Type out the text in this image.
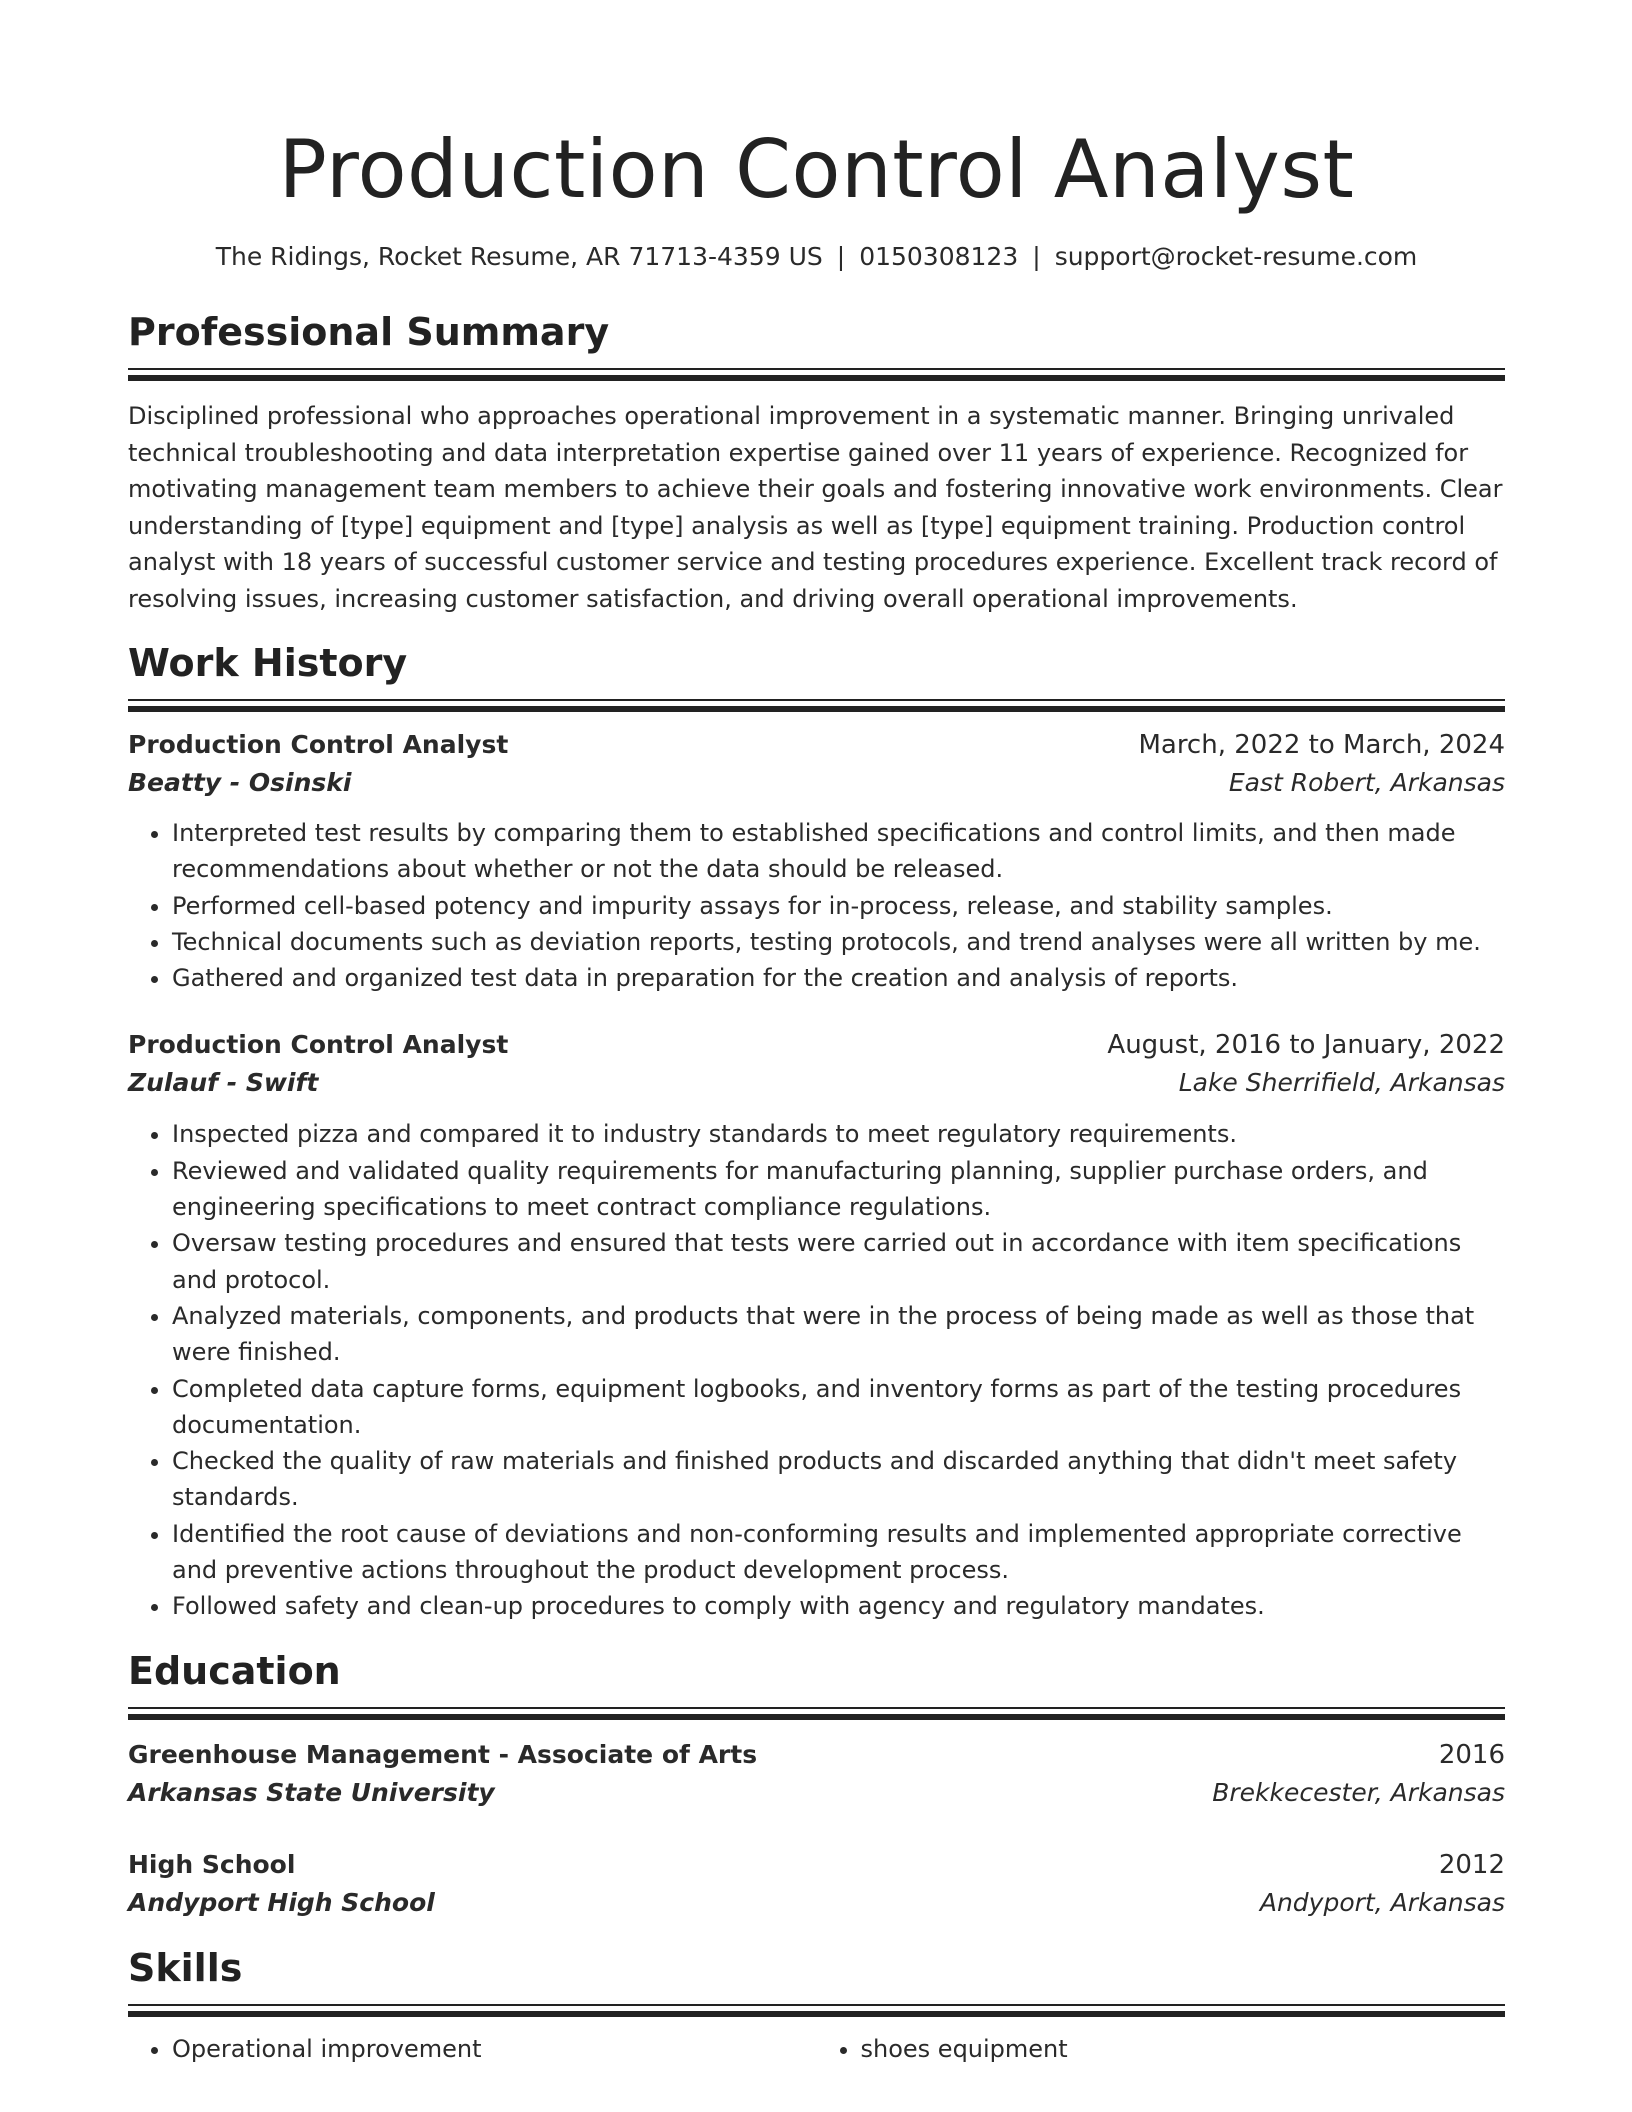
Production Control Analyst
The Ridings, Rocket Resume, AR 71713-4359 US | 0150308123 | support@rocket-resume.com
Professional Summary

Disciplined professional who approaches operational improvement in a systematic manner. Bringing unrivaled technical troubleshooting and data interpretation expertise gained over 11 years of experience. Recognized for motivating management team members to achieve their goals and fostering innovative work environments. Clear understanding of [type] equipment and [type] analysis as well as [type] equipment training. Production control analyst with 18 years of successful customer service and testing procedures experience. Excellent track record of resolving issues, increasing customer satisfaction, and driving overall operational improvements.

Work History
Production Control Analyst	March, 2022 to March, 2024
Beatty - Osinski	East Robert, Arkansas
• Interpreted test results by comparing them to established specifications and control limits, and then made recommendations about whether or not the data should be released.
• Performed cell-based potency and impurity assays for in-process, release, and stability samples.
• Technical documents such as deviation reports, testing protocols, and trend analyses were all written by me.
• Gathered and organized test data in preparation for the creation and analysis of reports.
Production Control Analyst	August, 2016 to January, 2022
Zulauf - Swift	Lake Sherrifield, Arkansas
• Inspected pizza and compared it to industry standards to meet regulatory requirements.
• Reviewed and validated quality requirements for manufacturing planning, supplier purchase orders, and engineering specifications to meet contract compliance regulations.
• Oversaw testing procedures and ensured that tests were carried out in accordance with item specifications and protocol.
• Analyzed materials, components, and products that were in the process of being made as well as those that were finished.
• Completed data capture forms, equipment logbooks, and inventory forms as part of the testing procedures documentation.
• Checked the quality of raw materials and finished products and discarded anything that didn't meet safety standards.
• Identified the root cause of deviations and non-conforming results and implemented appropriate corrective and preventive actions throughout the product development process.
• Followed safety and clean-up procedures to comply with agency and regulatory mandates.
Education
Greenhouse Management - Associate of Arts	2016
Arkansas State University	Brekkecester, Arkansas
High School	2012
Andyport High School	Andyport, Arkansas
Skills
• Operational improvement
•	shoes equipment
